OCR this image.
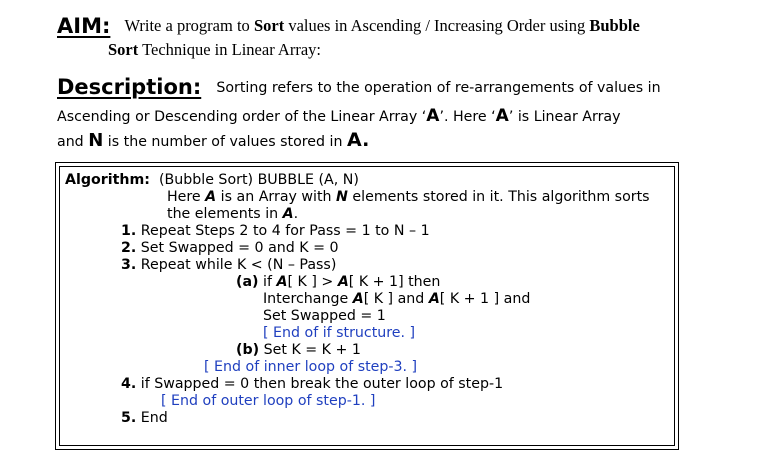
AIM: Write a program to Sort values in Ascending / Increasing Order using Bubble
Sort Technique in Linear Array:
Description: Sorting refers to the operation of re-arrangements of values in
Ascending or Descending order of the Linear Array ‘A’. Here ‘A’ is Linear Array
and N is the number of values stored in A.
Algorithm: (Bubble Sort) BUBBLE (A, N)
Here A is an Array with N elements stored in it. This algorithm sorts
the elements in A.
1. Repeat Steps 2 to 4 for Pass = 1 to N – 1
2. Set Swapped = 0 and K = 0
3. Repeat while K < (N – Pass)
(a) if A[ K ] > A[ K + 1] then
Interchange A[ K ] and A[ K + 1 ] and
Set Swapped = 1
[ End of if structure. ]
(b) Set K = K + 1
[ End of inner loop of step-3. ]
4. if Swapped = 0 then break the outer loop of step-1
[ End of outer loop of step-1. ]
5. End
